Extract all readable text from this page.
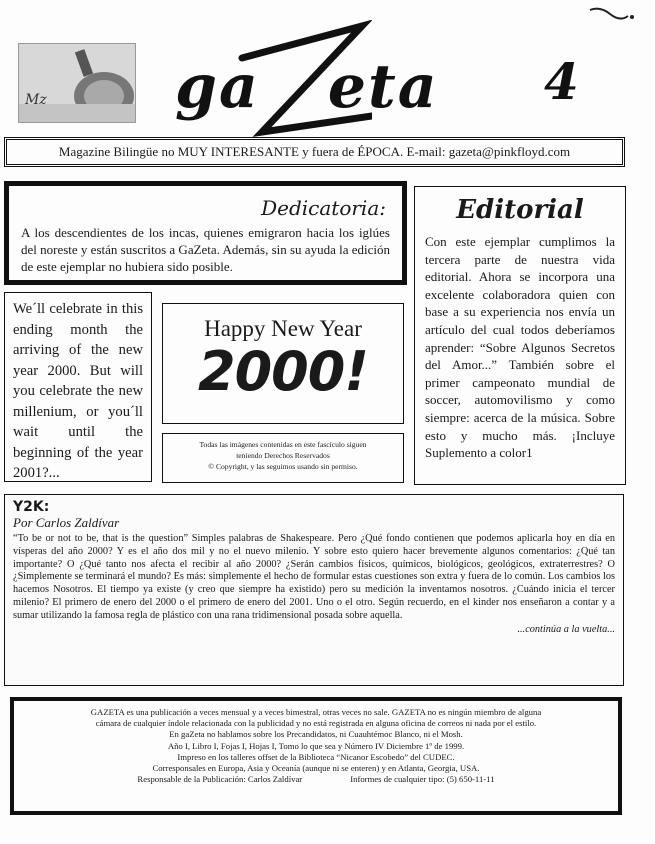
Mz ga eta 4
Magazine Bilingüe no MUY INTERESANTE y fuera de ÉPOCA. E-mail: gazeta@pinkfloyd.com
Dedicatoria:
A los descendientes de los incas, quienes emigraron hacia los iglúes del noreste y están suscritos a GaZeta. Además, sin su ayuda la edición de este ejemplar no hubiera sido posible.
Editorial
Con este ejemplar cumplimos la tercera parte de nuestra vida editorial. Ahora se incorpora una excelente colaboradora quien con base a su experiencia nos envía un artículo del cual todos deberíamos aprender: “Sobre Algunos Secretos del Amor...” También sobre el primer campeonato mundial de soccer, automovilismo y como siempre: acerca de la música. Sobre esto y mucho más. ¡Incluye Suplemento a color1
We´ll celebrate in this ending month the arriving of the new year 2000. But will you celebrate the new millenium, or you´ll wait until the beginning of the year 2001?...
Happy New Year
2000!
Todas las imágenes contenidas en este fascículo siguen
teniendo Derechos Reservados
© Copyright, y las seguimos usando sin permiso.
Y2K:
Por Carlos Zaldívar
“To be or not to be, that is the question” Simples palabras de Shakespeare. Pero ¿Qué fondo contienen que podemos aplicarla hoy en día en vísperas del año 2000? Y es el año dos mil y no el nuevo milenio. Y sobre esto quiero hacer brevemente algunos comentarios: ¿Qué tan importante? O ¿Qué tanto nos afecta el recibir al año 2000? ¿Serán cambios físicos, químicos, biológicos, geológicos, extraterrestres? O ¿Simplemente se terminará el mundo? Es más: simplemente el hecho de formular estas cuestiones son extra y fuera de lo común. Los cambios los hacemos Nosotros. El tiempo ya existe (y creo que siempre ha existido) pero su medición la inventamos nosotros. ¿Cuándo inicia el tercer milenio? El primero de enero del 2000 o el primero de enero del 2001. Uno o el otro. Según recuerdo, en el kinder nos enseñaron a contar y a sumar utilizando la famosa regla de plástico con una rana tridimensional posada sobre aquella.
...continúa a la vuelta...

GAZETA es una publicación a veces mensual y a veces bimestral, otras veces no sale. GAZETA no es ningún miembro de alguna

cámara de cualquier índole relacionada con la publicidad y no está registrada en alguna oficina de correos ni nada por el estilo.

En gaZeta no hablamos sobre los Precandidatos, ni Cuauhtémoc Blanco, ni el Mosh.

Año I, Libro I, Fojas I, Hojas I, Tomo lo que sea y Número IV Diciembre 1º de 1999.

Impreso en los talleres offset de la Biblioteca “Nicanor Escobedo” del CUDEC.

Corresponsales en Europa, Asia y Oceanía (aunque ni se enteren) y en Atlanta, Georgia, USA.

Responsable de la Publicación: Carlos Zaldívar	Informes de cualquier tipo: (5) 650-11-11
